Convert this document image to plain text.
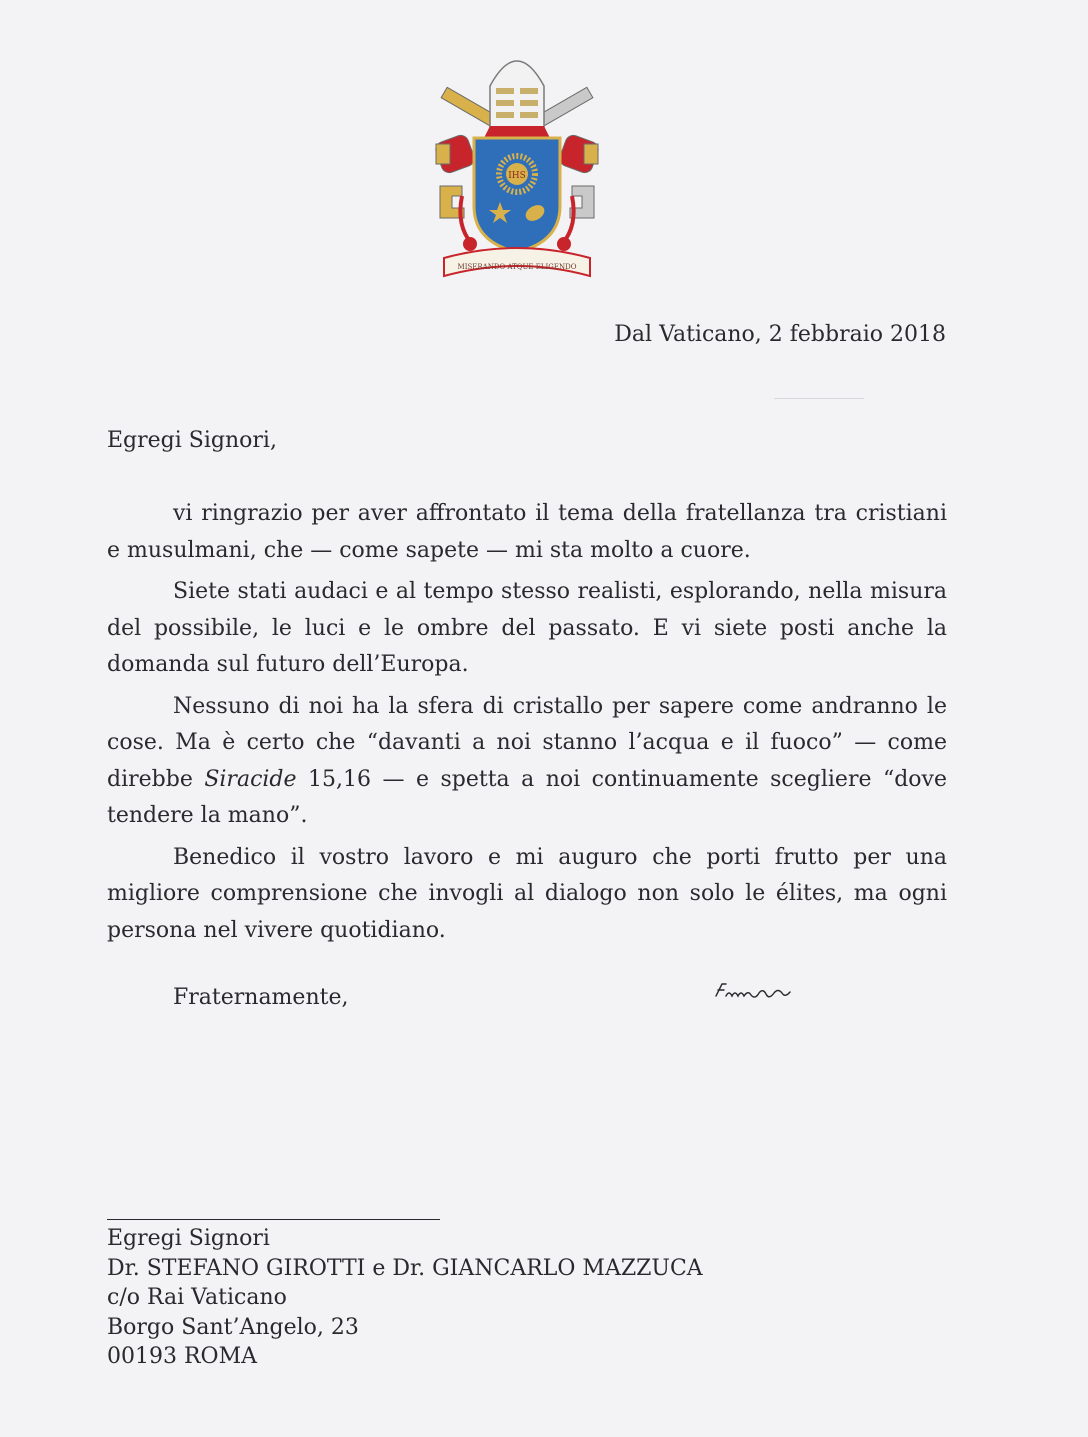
IHS
MISERANDO ATQUE ELIGENDO
Dal Vaticano, 2 febbraio 2018
Egregi Signori,

vi ringrazio per aver affrontato il tema della fratellanza tra cristiani e musulmani, che — come sapete — mi sta molto a cuore.

Siete stati audaci e al tempo stesso realisti, esplorando, nella misura del possibile, le luci e le ombre del passato. E vi siete posti anche la domanda sul futuro dell’Europa.

Nessuno di noi ha la sfera di cristallo per sapere come andranno le cose. Ma è certo che “davanti a noi stanno l’acqua e il fuoco” — come direbbe Siracide 15,16 — e spetta a noi continuamente scegliere “dove tendere la mano”.

Benedico il vostro lavoro e mi auguro che porti frutto per una migliore comprensione che invogli al dialogo non solo le élites, ma ogni persona nel vivere quotidiano.

Fraternamente,
Egregi Signori
Dr. STEFANO GIROTTI e Dr. GIANCARLO MAZZUCA
c/o Rai Vaticano
Borgo Sant’Angelo, 23
00193 ROMA
